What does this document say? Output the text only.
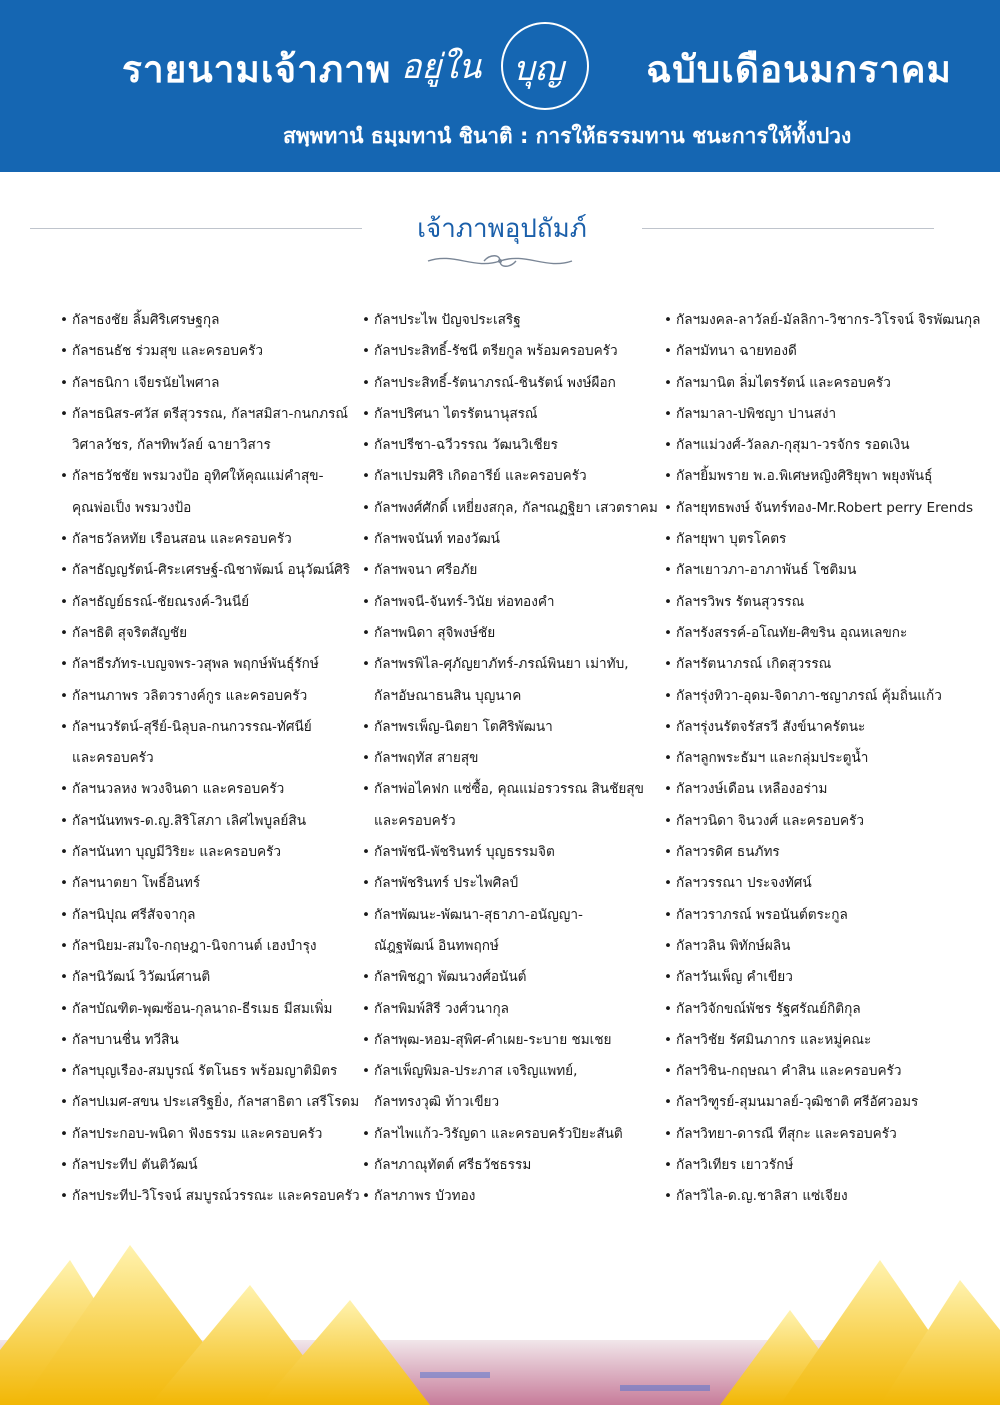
รายนามเจ้าภาพ อยู่ใน บุญ ฉบับเดือนมกราคม
สพฺพทานํ ธมฺมทานํ ชินาติ : การให้ธรรมทาน ชนะการให้ทั้งปวง
เจ้าภาพอุปถัมภ์
• กัลฯธงชัย ลิ้มศิริเศรษฐกุล
• กัลฯธนธัช ร่วมสุข และครอบครัว
• กัลฯธนิกา เจียรนัยไพศาล
• กัลฯธนิสร-ศวัส ตรีสุวรรณ, กัลฯสมิสา-กนกภรณ์
วิศาลวัชร, กัลฯทิพวัลย์ ฉายาวิสาร
• กัลฯธวัชชัย พรมวงป้อ อุทิศให้คุณแม่คำสุข-
คุณพ่อเป็ง พรมวงป้อ
• กัลฯธวัลหทัย เรือนสอน และครอบครัว
• กัลฯธัญญรัตน์-ศิระเศรษฐ์-ณิชาพัฒน์ อนุวัฒน์ศิริ
• กัลฯธัญย์ธรณ์-ชัยณรงค์-วินนีย์
• กัลฯธิติ สุจริตสัญชัย
• กัลฯธีรภัทร-เบญจพร-วสุพล พฤกษ์พันธุ์รักษ์
• กัลฯนภาพร วลิตวรางค์กูร และครอบครัว
• กัลฯนวรัตน์-สุรีย์-นิลุบล-กนกวรรณ-ทัศนีย์
และครอบครัว
• กัลฯนวลหง พวงจินดา และครอบครัว
• กัลฯนันทพร-ด.ญ.สิริโสภา เลิศไพบูลย์สิน
• กัลฯนันทา บุญมีวิริยะ และครอบครัว
• กัลฯนาตยา โพธิ์อินทร์
• กัลฯนิปุณ ศรีสัจจากุล
• กัลฯนิยม-สมใจ-กฤษฎา-นิจกานต์ เฮงบำรุง
• กัลฯนิวัฒน์ วิวัฒน์ศานติ
• กัลฯบัณฑิต-พุฒซ้อน-กุลนาถ-ธีรเมธ มีสมเพิ่ม
• กัลฯบานชื่น ทวีสิน
• กัลฯบุญเรือง-สมบูรณ์ รัตโนธร พร้อมญาติมิตร
• กัลฯปเมศ-สขน ประเสริฐยิ่ง, กัลฯสาธิตา เสรีโรดม
• กัลฯประกอบ-พนิดา ฟังธรรม และครอบครัว
• กัลฯประทีป ตันติวัฒน์
• กัลฯประทีป-วิโรจน์ สมบูรณ์วรรณะ และครอบครัว
• กัลฯประไพ ปัญจประเสริฐ
• กัลฯประสิทธิ์-รัชนี ตรียกูล พร้อมครอบครัว
• กัลฯประสิทธิ์-รัตนาภรณ์-ชินรัตน์ พงษ์ผือก
• กัลฯปริศนา ไตรรัตนานุสรณ์
• กัลฯปรีชา-ฉวีวรรณ วัฒนวิเชียร
• กัลฯเปรมศิริ เกิดอารีย์ และครอบครัว
• กัลฯพงศ์ศักดิ์ เหยี่ยงสกุล, กัลฯณฏฐิยา เสวตราคม
• กัลฯพจนันท์ ทองวัฒน์
• กัลฯพจนา ศรีอภัย
• กัลฯพจนี-จันทร์-วินัย ห่อทองคำ
• กัลฯพนิดา สุจิพงษ์ชัย
• กัลฯพรพิไล-ศุภัญยาภัทร์-ภรณ์พินยา เม่าทับ,
กัลฯอัษณาธนสิน บุญนาค
• กัลฯพรเพ็ญ-นิตยา โตศิริพัฒนา
• กัลฯพฤทัส สายสุข
• กัลฯพ่อไคฟก แซ่ซื้อ, คุณแม่อรวรรณ สินชัยสุข
และครอบครัว
• กัลฯพัชนี-พัชรินทร์ บุญธรรมจิต
• กัลฯพัชรินทร์ ประไพศิลป์
• กัลฯพัฒนะ-พัฒนา-สุธาภา-อนัญญา-
ณัฎฐพัฒน์ อินทพฤกษ์
• กัลฯพิชฎา พัฒนวงศ์อนันต์
• กัลฯพิมพ์สิรี วงศ์วนากุล
• กัลฯพุฒ-หอม-สุพิศ-คำเผย-ระบาย ชมเชย
• กัลฯเพ็ญพิมล-ประภาส เจริญแพทย์,
กัลฯทรงวุฒิ ท้าวเขียว
• กัลฯไพแก้ว-วิรัญดา และครอบครัวปิยะสันติ
• กัลฯภาณุทัตต์ ศรีธวัชธรรม
• กัลฯภาพร บัวทอง
• กัลฯมงคล-ลาวัลย์-มัลลิกา-วิชากร-วิโรจน์ จิรพัฒนกุล
• กัลฯมัทนา ฉายทองดี
• กัลฯมานิต ลิ่มไตรรัตน์ และครอบครัว
• กัลฯมาลา-ปพิชญา ปานสง่า
• กัลฯแม่วงศ์-วัลลภ-กุสุมา-วรจักร รอดเงิน
• กัลฯยิ้มพราย พ.อ.พิเศษหญิงศิริยุพา พยุงพันธุ์
• กัลฯยุทธพงษ์ จันทร์ทอง-Mr.Robert perry Erends
• กัลฯยุพา บุตรโคตร
• กัลฯเยาวภา-อาภาพันธ์ โชติมน
• กัลฯรวิพร รัตนสุวรรณ
• กัลฯรังสรรค์-อโณทัย-ศิขริน อุณหเลขกะ
• กัลฯรัตนาภรณ์ เกิดสุวรรณ
• กัลฯรุ่งทิวา-อุดม-จิดาภา-ชญาภรณ์ คุ้มถิ่นแก้ว
• กัลฯรุ่งนรัตจรัสรวี สังข์นาครัตนะ
• กัลฯลูกพระธัมฯ และกลุ่มประตูน้ำ
• กัลฯวงษ์เดือน เหลืองอร่าม
• กัลฯวนิดา จินวงศ์ และครอบครัว
• กัลฯวรดิศ ธนภัทร
• กัลฯวรรณา ประจงทัศน์
• กัลฯวราภรณ์ พรอนันต์ตระกูล
• กัลฯวลิน พิทักษ์ผลิน
• กัลฯวันเพ็ญ คำเขียว
• กัลฯวิจักขณ์พัชร รัฐศรัณย์กิติกุล
• กัลฯวิชัย รัศมินภากร และหมู่คณะ
• กัลฯวิชิน-กฤษณา คำสิน และครอบครัว
• กัลฯวิฑูรย์-สุมนมาลย์-วุฒิชาติ ศรีอัศวอมร
• กัลฯวิทยา-ดารณี ทีสุกะ และครอบครัว
• กัลฯวิเทียร เยาวรักษ์
• กัลฯวิไล-ด.ญ.ชาลิสา แซ่เจียง
